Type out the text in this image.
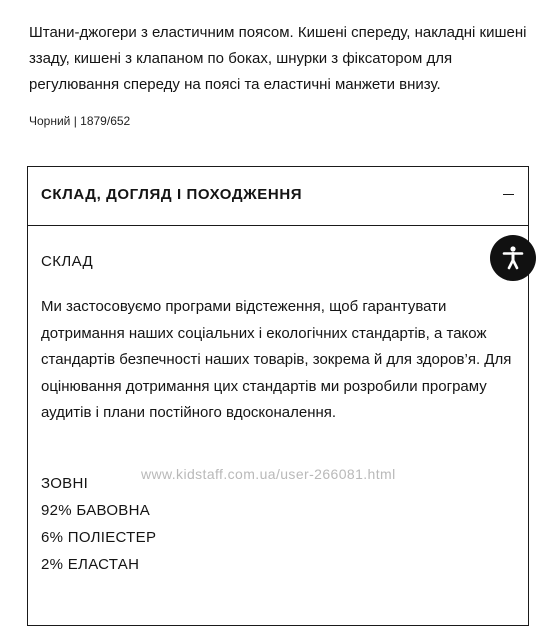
Штани-джогери з еластичним поясом. Кишені спереду, накладні кишені ззаду, кишені з клапаном по боках, шнурки з фіксатором для регулювання спереду на поясі та еластичні манжети внизу.

Чорний | 1879/652
СКЛАД, ДОГЛЯД І ПОХОДЖЕННЯ
СКЛАД

Ми застосовуємо програми відстеження, щоб гарантувати дотримання наших соціальних і екологічних стандартів, а також стандартів безпечності наших товарів, зокрема й для здоров’я. Для оцінювання дотримання цих стандартів ми розробили програму аудитів і плани постійного вдосконалення.

ЗОВНІ
92% БАВОВНА
6% ПОЛІЕСТЕР
2% ЕЛАСТАН
www.kidstaff.com.ua/user-266081.html
